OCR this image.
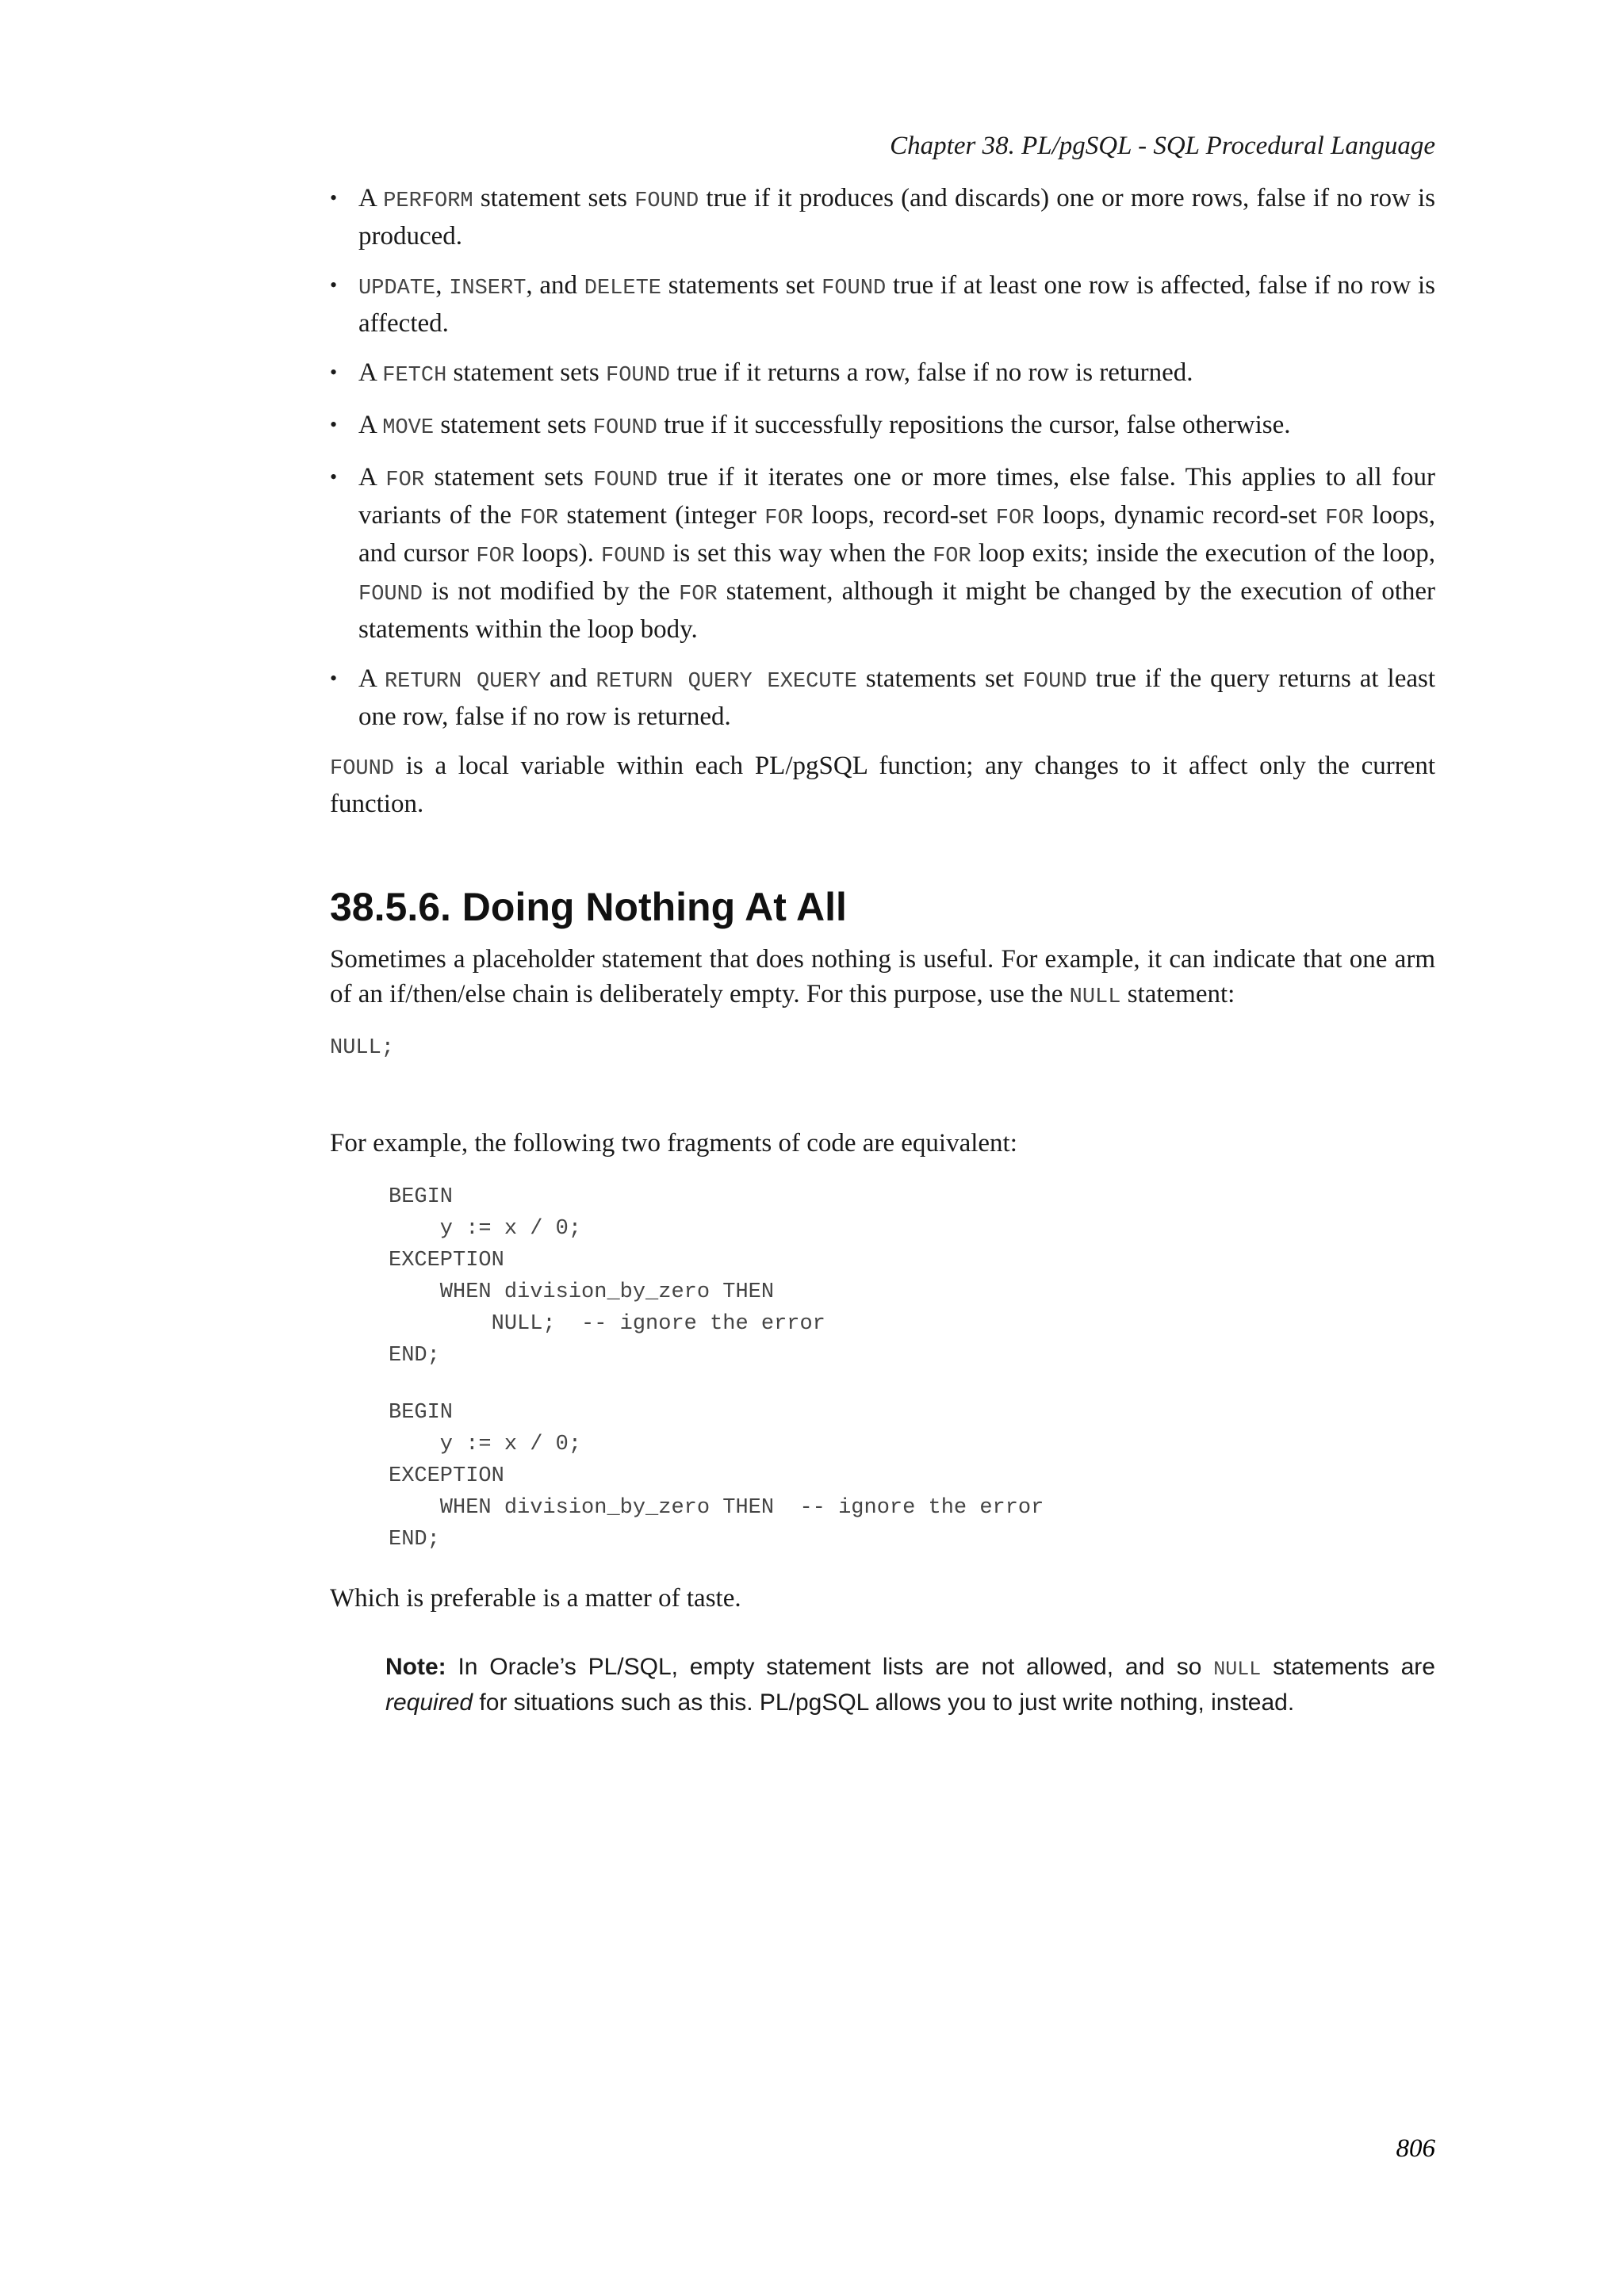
Chapter 38. PL/pgSQL - SQL Procedural Language
• A PERFORM statement sets FOUND true if it produces (and discards) one or more rows, false if no row is produced.
• UPDATE, INSERT, and DELETE statements set FOUND true if at least one row is affected, false if no row is affected.
• A FETCH statement sets FOUND true if it returns a row, false if no row is returned.
• A MOVE statement sets FOUND true if it successfully repositions the cursor, false otherwise.
• A FOR statement sets FOUND true if it iterates one or more times, else false. This applies to all four variants of the FOR statement (integer FOR loops, record-set FOR loops, dynamic record-set FOR loops, and cursor FOR loops). FOUND is set this way when the FOR loop exits; inside the execution of the loop, FOUND is not modified by the FOR statement, although it might be changed by the execution of other statements within the loop body.
• A RETURN QUERY and RETURN QUERY EXECUTE statements set FOUND true if the query returns at least one row, false if no row is returned.

FOUND is a local variable within each PL/pgSQL function; any changes to it affect only the current function.

38.5.6. Doing Nothing At All

Sometimes a placeholder statement that does nothing is useful. For example, it can indicate that one arm of an if/then/else chain is deliberately empty. For this purpose, use the NULL statement:

NULL;

For example, the following two fragments of code are equivalent:

BEGIN
y := x / 0;
EXCEPTION
WHEN division_by_zero THEN
NULL;  -- ignore the error
END;
BEGIN
y := x / 0;
EXCEPTION
WHEN division_by_zero THEN  -- ignore the error
END;

Which is preferable is a matter of taste.

Note: In Oracle’s PL/SQL, empty statement lists are not allowed, and so NULL statements are required for situations such as this. PL/pgSQL allows you to just write nothing, instead.
806
